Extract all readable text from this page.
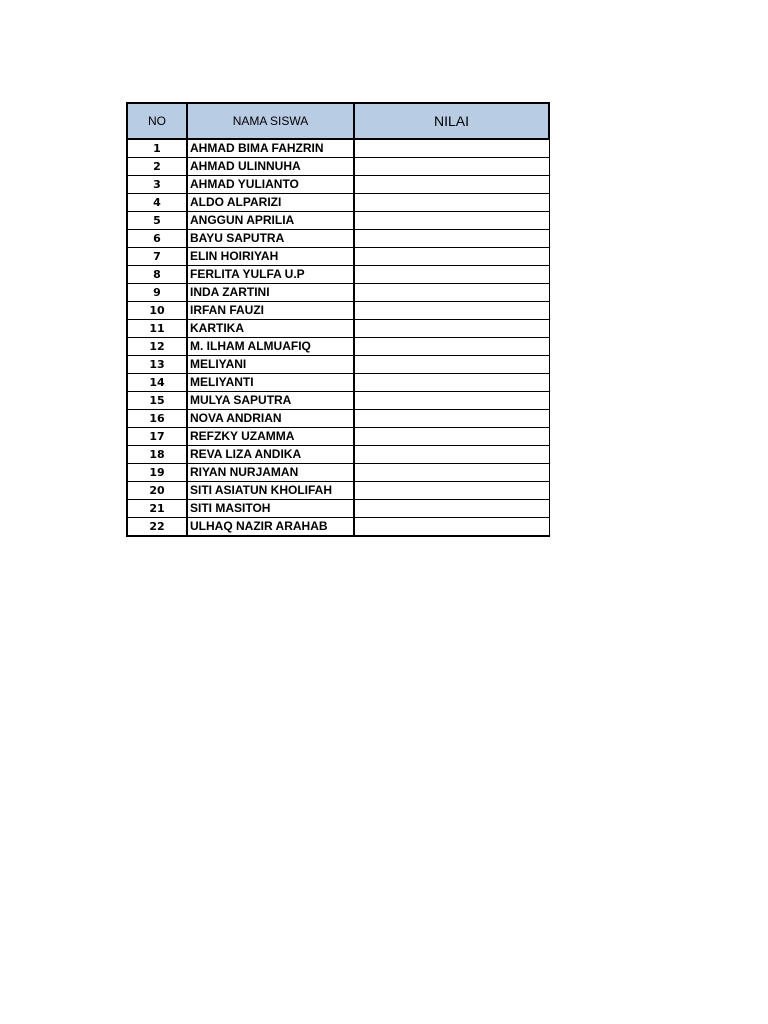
NO	NAMA SISWA	NILAI
1	AHMAD BIMA FAHZRIN	
2	AHMAD ULINNUHA	
3	AHMAD YULIANTO	
4	ALDO ALPARIZI	
5	ANGGUN APRILIA	
6	BAYU SAPUTRA	
7	ELIN HOIRIYAH	
8	FERLITA YULFA U.P	
9	INDA ZARTINI	
10	IRFAN FAUZI	
11	KARTIKA	
12	M. ILHAM ALMUAFIQ	
13	MELIYANI	
14	MELIYANTI	
15	MULYA SAPUTRA	
16	NOVA ANDRIAN	
17	REFZKY UZAMMA	
18	REVA LIZA ANDIKA	
19	RIYAN NURJAMAN	
20	SITI ASIATUN KHOLIFAH	
21	SITI MASITOH	
22	ULHAQ NAZIR ARAHAB	
